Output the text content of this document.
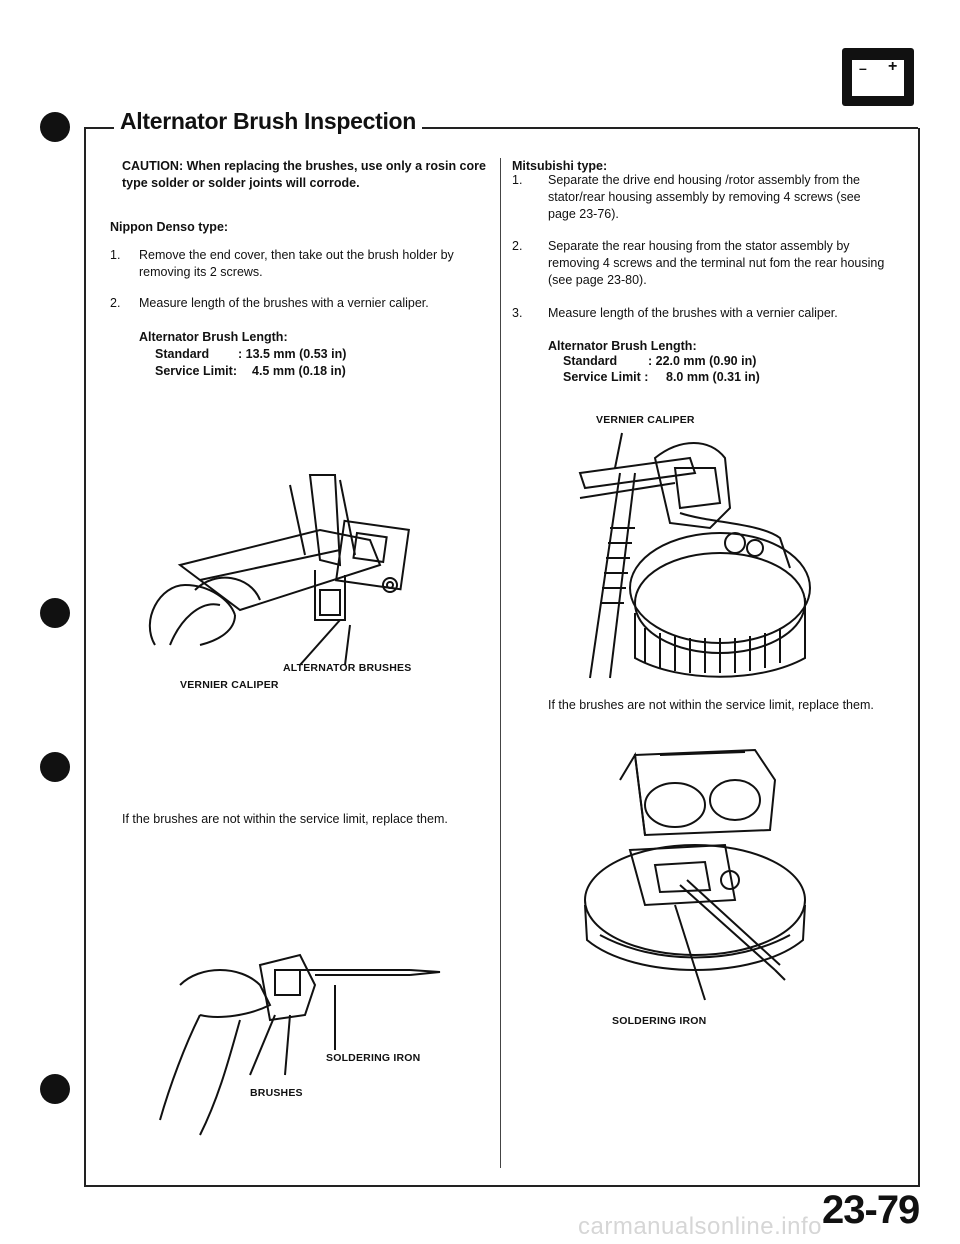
– +
Alternator Brush Inspection
CAUTION: When replacing the brushes, use only a rosin core type solder or solder joints will corrode.
Nippon Denso type:
1. Remove the end cover, then take out the brush holder by removing its 2 screws.
2. Measure length of the brushes with a vernier caliper.
Alternator Brush Length:
Standard : 13.5 mm (0.53 in)
Service Limit: 4.5 mm (0.18 in)
ALTERNATOR BRUSHES
VERNIER CALIPER
If the brushes are not within the service limit, replace them.
SOLDERING IRON
BRUSHES
Mitsubishi type:
1. Separate the drive end housing /rotor assembly from the stator/rear housing assembly by removing 4 screws (see page 23-76).
2. Separate the rear housing from the stator assembly by removing 4 screws and the terminal nut fom the rear housing (see page 23-80).
3. Measure length of the brushes with a vernier caliper.
Alternator Brush Length:
Standard : 22.0 mm (0.90 in)
Service Limit : 8.0 mm (0.31 in)
VERNIER CALIPER
If the brushes are not within the service limit, replace them.
SOLDERING IRON
23-79
carmanualsonline.info
